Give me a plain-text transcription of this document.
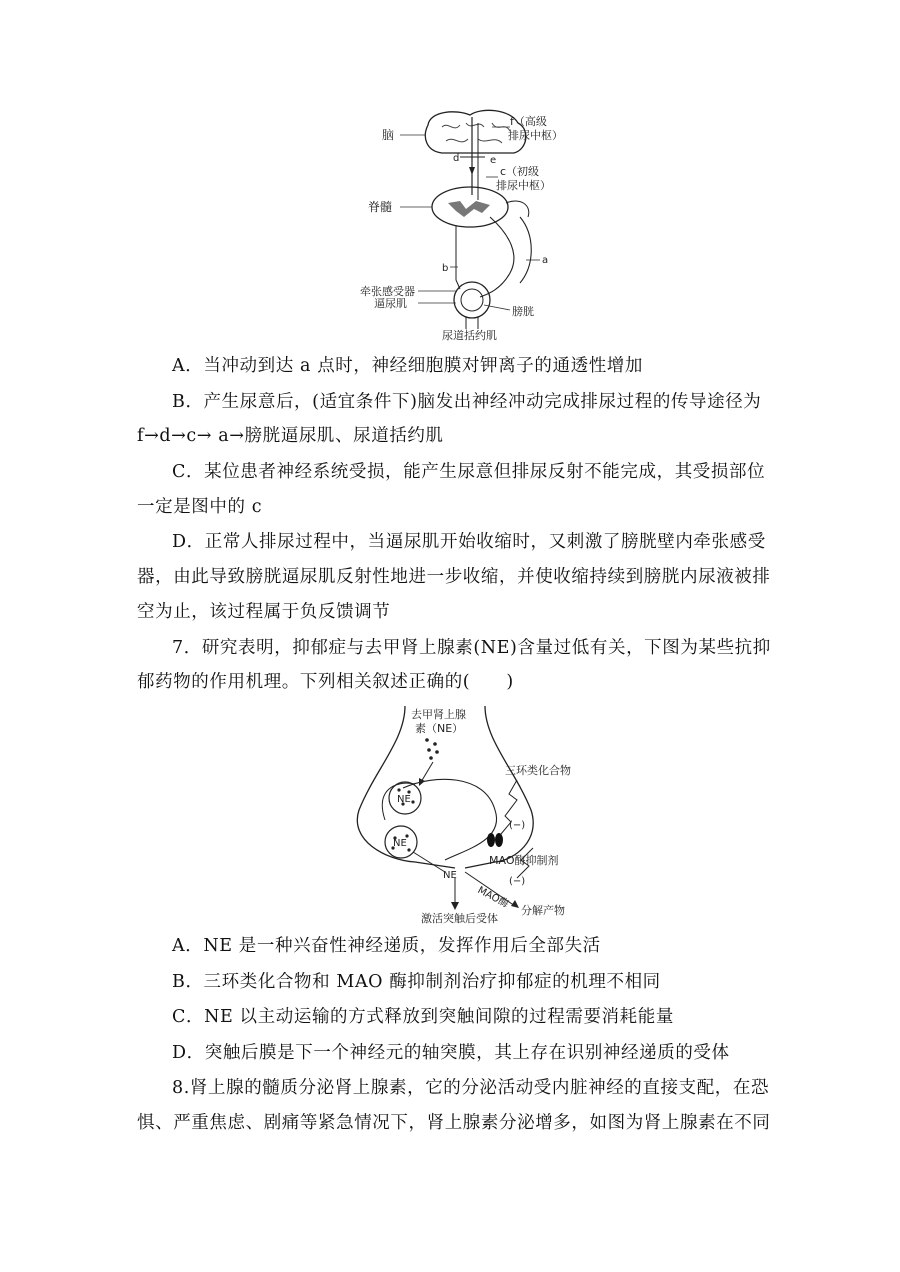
脑
f（高级
排尿中枢）
d	e
c（初级
排尿中枢）
脊髓
a
b
牵张感受器
逼尿肌
膀胱
尿道括约肌
A．当冲动到达 a 点时，神经细胞膜对钾离子的通透性增加
B．产生尿意后，(适宜条件下)脑发出神经冲动完成排尿过程的传导途径为
f→d→c→ a→膀胱逼尿肌、尿道括约肌
C．某位患者神经系统受损，能产生尿意但排尿反射不能完成，其受损部位
一定是图中的 c
D．正常人排尿过程中，当逼尿肌开始收缩时，又刺激了膀胱壁内牵张感受
器，由此导致膀胱逼尿肌反射性地进一步收缩，并使收缩持续到膀胱内尿液被排
空为止，该过程属于负反馈调节
7．研究表明，抑郁症与去甲肾上腺素(NE)含量过低有关，下图为某些抗抑
郁药物的作用机理。下列相关叙述正确的(　　)
去甲肾上腺
素（NE）
三环类化合物
NE
NE
NE
(−)
MAO酶抑制剂
(−)
MAO酶
分解产物
激活突触后受体
A．NE 是一种兴奋性神经递质，发挥作用后全部失活
B．三环类化合物和 MAO 酶抑制剂治疗抑郁症的机理不相同
C．NE 以主动运输的方式释放到突触间隙的过程需要消耗能量
D．突触后膜是下一个神经元的轴突膜，其上存在识别神经递质的受体
8.肾上腺的髓质分泌肾上腺素，它的分泌活动受内脏神经的直接支配，在恐
惧、严重焦虑、剧痛等紧急情况下，肾上腺素分泌增多，如图为肾上腺素在不同
